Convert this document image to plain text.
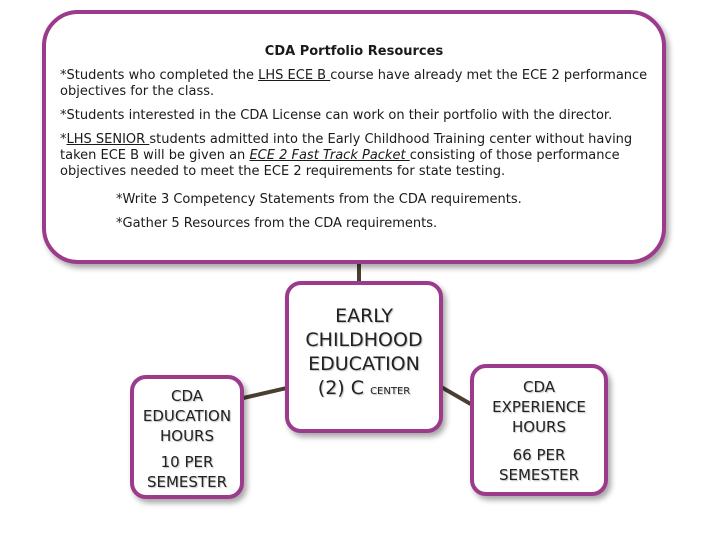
CDA Portfolio Resources
*Students who completed the LHS ECE B course have already met the ECE 2 performance
objectives for the class.
*Students interested in the CDA License can work on their portfolio with the director.
*LHS SENIOR students admitted into the Early Childhood Training center without having
taken ECE B will be given an ECE 2 Fast Track Packet consisting of those performance
objectives needed to meet the ECE 2 requirements for state testing.
*Write 3 Competency Statements from the CDA requirements.
*Gather 5 Resources from the CDA requirements.
EARLY
CHILDHOOD
EDUCATION
(2) C CENTER
CDA
EDUCATION
HOURS
10 PER
SEMESTER
CDA
EXPERIENCE
HOURS
66 PER
SEMESTER
